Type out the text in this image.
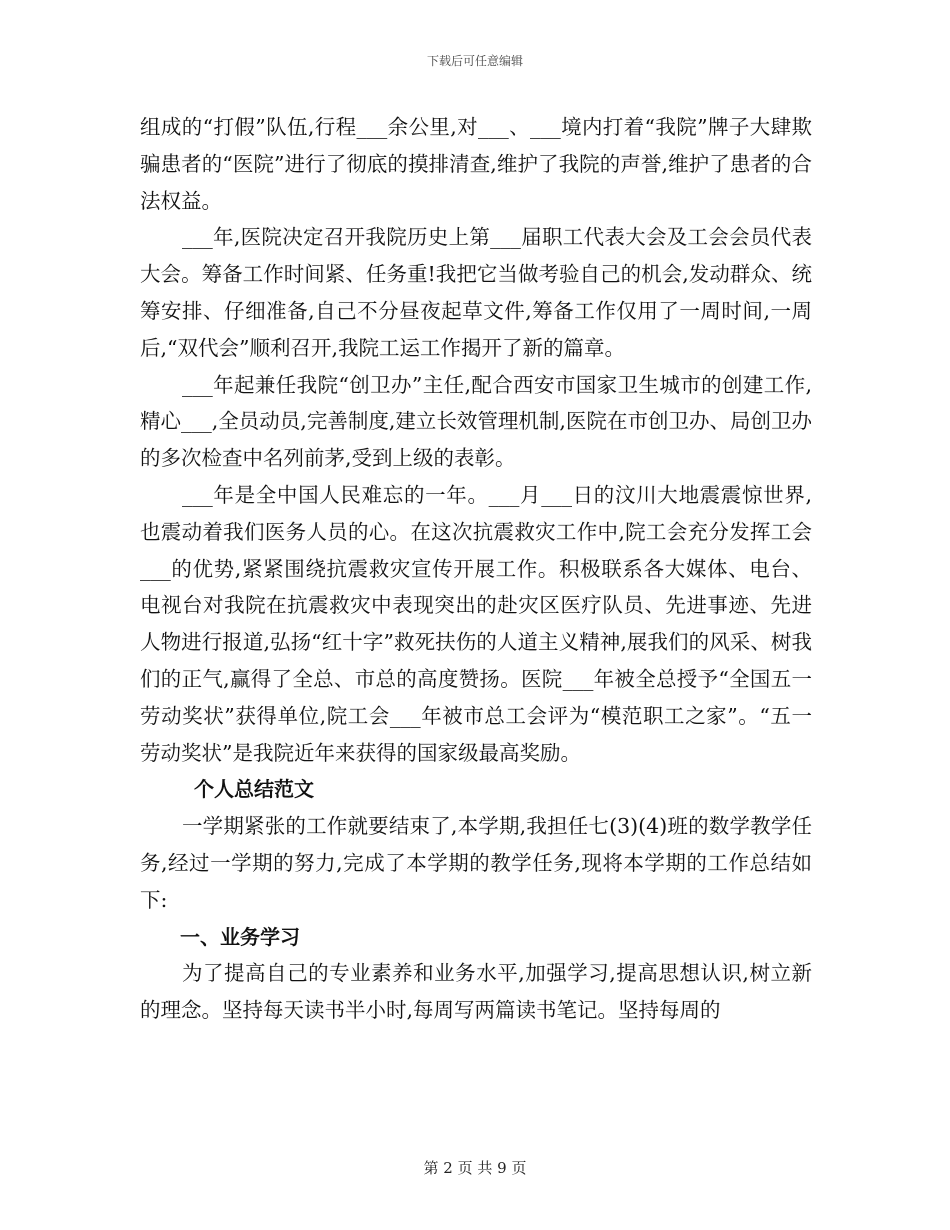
下载后可任意编辑

组成的“打假”队伍,行程___余公里,对___、___境内打着“我院”牌子大肆欺骗患者的“医院”进行了彻底的摸排清查,维护了我院的声誉,维护了患者的合法权益。

___年,医院决定召开我院历史上第___届职工代表大会及工会会员代表大会。筹备工作时间紧、任务重!我把它当做考验自己的机会,发动群众、统筹安排、仔细准备,自己不分昼夜起草文件,筹备工作仅用了一周时间,一周后,“双代会”顺利召开,我院工运工作揭开了新的篇章。

___年起兼任我院“创卫办”主任,配合西安市国家卫生城市的创建工作,精心___,全员动员,完善制度,建立长效管理机制,医院在市创卫办、局创卫办的多次检查中名列前茅,受到上级的表彰。

___年是全中国人民难忘的一年。___月___日的汶川大地震震惊世界,也震动着我们医务人员的心。在这次抗震救灾工作中,院工会充分发挥工会___的优势,紧紧围绕抗震救灾宣传开展工作。积极联系各大媒体、电台、电视台对我院在抗震救灾中表现突出的赴灾区医疗队员、先进事迹、先进人物进行报道,弘扬“红十字”救死扶伤的人道主义精神,展我们的风采、树我们的正气,赢得了全总、市总的高度赞扬。医院___年被全总授予“全国五一劳动奖状”获得单位,院工会___年被市总工会评为“模范职工之家”。“五一劳动奖状”是我院近年来获得的国家级最高奖励。

个人总结范文

一学期紧张的工作就要结束了,本学期,我担任七(3)(4)班的数学教学任务,经过一学期的努力,完成了本学期的教学任务,现将本学期的工作总结如下:

一、业务学习

为了提高自己的专业素养和业务水平,加强学习,提高思想认识,树立新的理念。坚持每天读书半小时,每周写两篇读书笔记。坚持每周的

第 2 页 共 9 页
